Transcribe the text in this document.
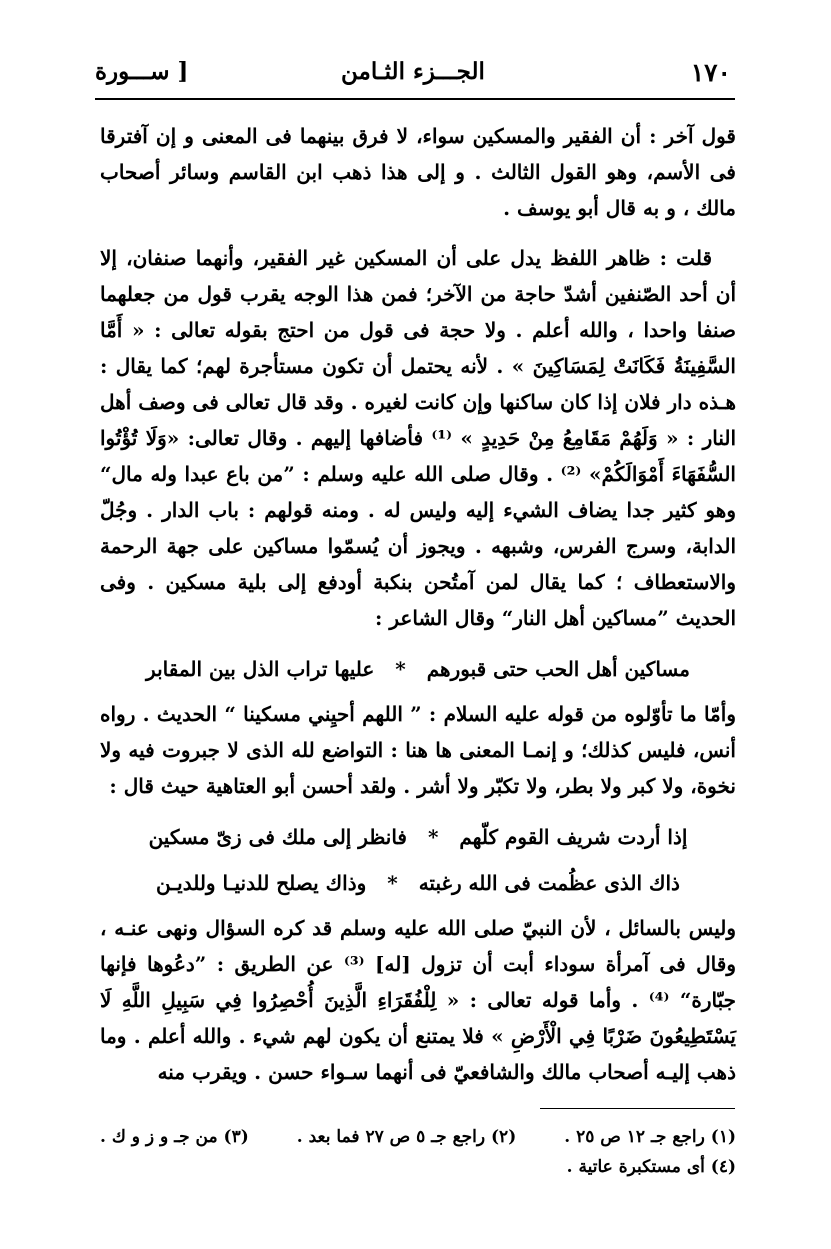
١٧٠
الجـــزء الثـامن
[ ســـورة

قول آخر : أن الفقير والمسكين سواء، لا فرق بينهما فى المعنى و إن آفترقا فى الأسم، وهو القول الثالث . و إلى هذا ذهب ابن القاسم وسائر أصحاب مالك ، و به قال أبو يوسف .

قلت : ظاهر اللفظ يدل على أن المسكين غير الفقير، وأنهما صنفان، إلا أن أحد الصّنفين أشدّ حاجة من الآخر؛ فمن هذا الوجه يقرب قول من جعلهما صنفا واحدا ، والله أعلم . ولا حجة فى قول من احتج بقوله تعالى : « أَمَّا السَّفِينَةُ فَكَانَتْ لِمَسَاكِينَ » . لأنه يحتمل أن تكون مستأجرة لهم؛ كما يقال : هـذه دار فلان إذا كان ساكنها وإن كانت لغيره . وقد قال تعالى فى وصف أهل النار : « وَلَهُمْ مَقَامِعُ مِنْ حَدِيدٍ » ⁽¹⁾ فأضافها إليهم . وقال تعالى: «وَلَا تُؤْتُوا السُّفَهَاءَ أَمْوَالَكُمْ» ⁽²⁾ . وقال صلى الله عليه وسلم : ”من باع عبدا وله مال“ وهو كثير جدا يضاف الشيء إليه وليس له . ومنه قولهم : باب الدار . وجُلّ الدابة، وسرج الفرس، وشبهه . ويجوز أن يُسمّوا مساكين على جهة الرحمة والاستعطاف ؛ كما يقال لمن آمتُحن بنكبة أودفع إلى بلية مسكين . وفى الحديث ”مساكين أهل النار“ وقال الشاعر :

مساكين أهل الحب حتى قبورهم * عليها تراب الذل بين المقابر

وأمّا ما تأوّلوه من قوله عليه السلام : ” اللهم أحيِني مسكينا “ الحديث . رواه أنس، فليس كذلك؛ و إنمـا المعنى ها هنا : التواضع لله الذى لا جبروت فيه ولا نخوة، ولا كبر ولا بطر، ولا تكبّر ولا أشر . ولقد أحسن أبو العتاهية حيث قال :

إذا أردت شريف القوم كلّهم * فانظر إلى ملك فى زىّ مسكين
ذاك الذى عظُمت فى الله رغبته * وذاك يصلح للدنيـا وللديـن

وليس بالسائل ، لأن النبيّ صلى الله عليه وسلم قد كره السؤال ونهى عنـه ، وقال فى آمرأة سوداء أبت أن تزول [له] ⁽³⁾ عن الطريق : ”دعُوها فإنها جبّارة“ ⁽⁴⁾ . وأما قوله تعالى : « لِلْفُقَرَاءِ الَّذِينَ أُحْصِرُوا فِي سَبِيلِ اللَّهِ لَا يَسْتَطِيعُونَ ضَرْبًا فِي الْأَرْضِ » فلا يمتنع أن يكون لهم شيء . والله أعلم . وما ذهب إليـه أصحاب مالك والشافعيّ فى أنهما سـواء حسن . ويقرب منه

(١) راجع جـ ١٢ ص ٢٥ .
(٢) راجع جـ ٥ ص ٢٧ فما بعد .
(٣) من جـ و ز و ك .
(٤) أى مستكبرة عاتية .
